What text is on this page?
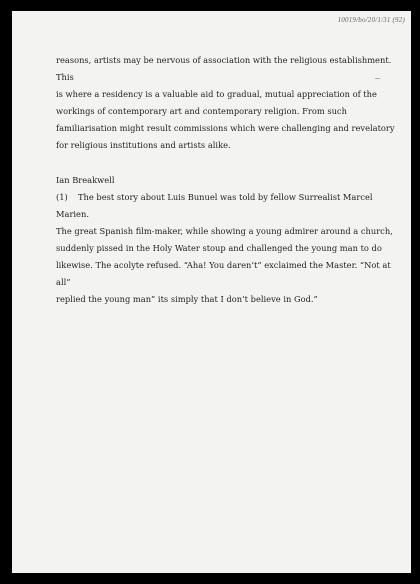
10019/bo/20/1/31 (92)

reasons, artists may be nervous of association with the religious establishment. This

is where a residency is a valuable aid to gradual, mutual appreciation of the

workings of contemporary art and contemporary religion. From such

familiarisation might result commissions which were challenging and revelatory

for religious institutions and artists alike.

Ian Breakwell

(1) The best story about Luis Bunuel was told by fellow Surrealist Marcel Marien.

The great Spanish film-maker, while showing a young admirer around a church,

suddenly pissed in the Holy Water stoup and challenged the young man to do

likewise. The acolyte refused. “Aha! You daren’t” exclaimed the Master. “Not at all”

replied the young man” its simply that I don’t believe in God.”
